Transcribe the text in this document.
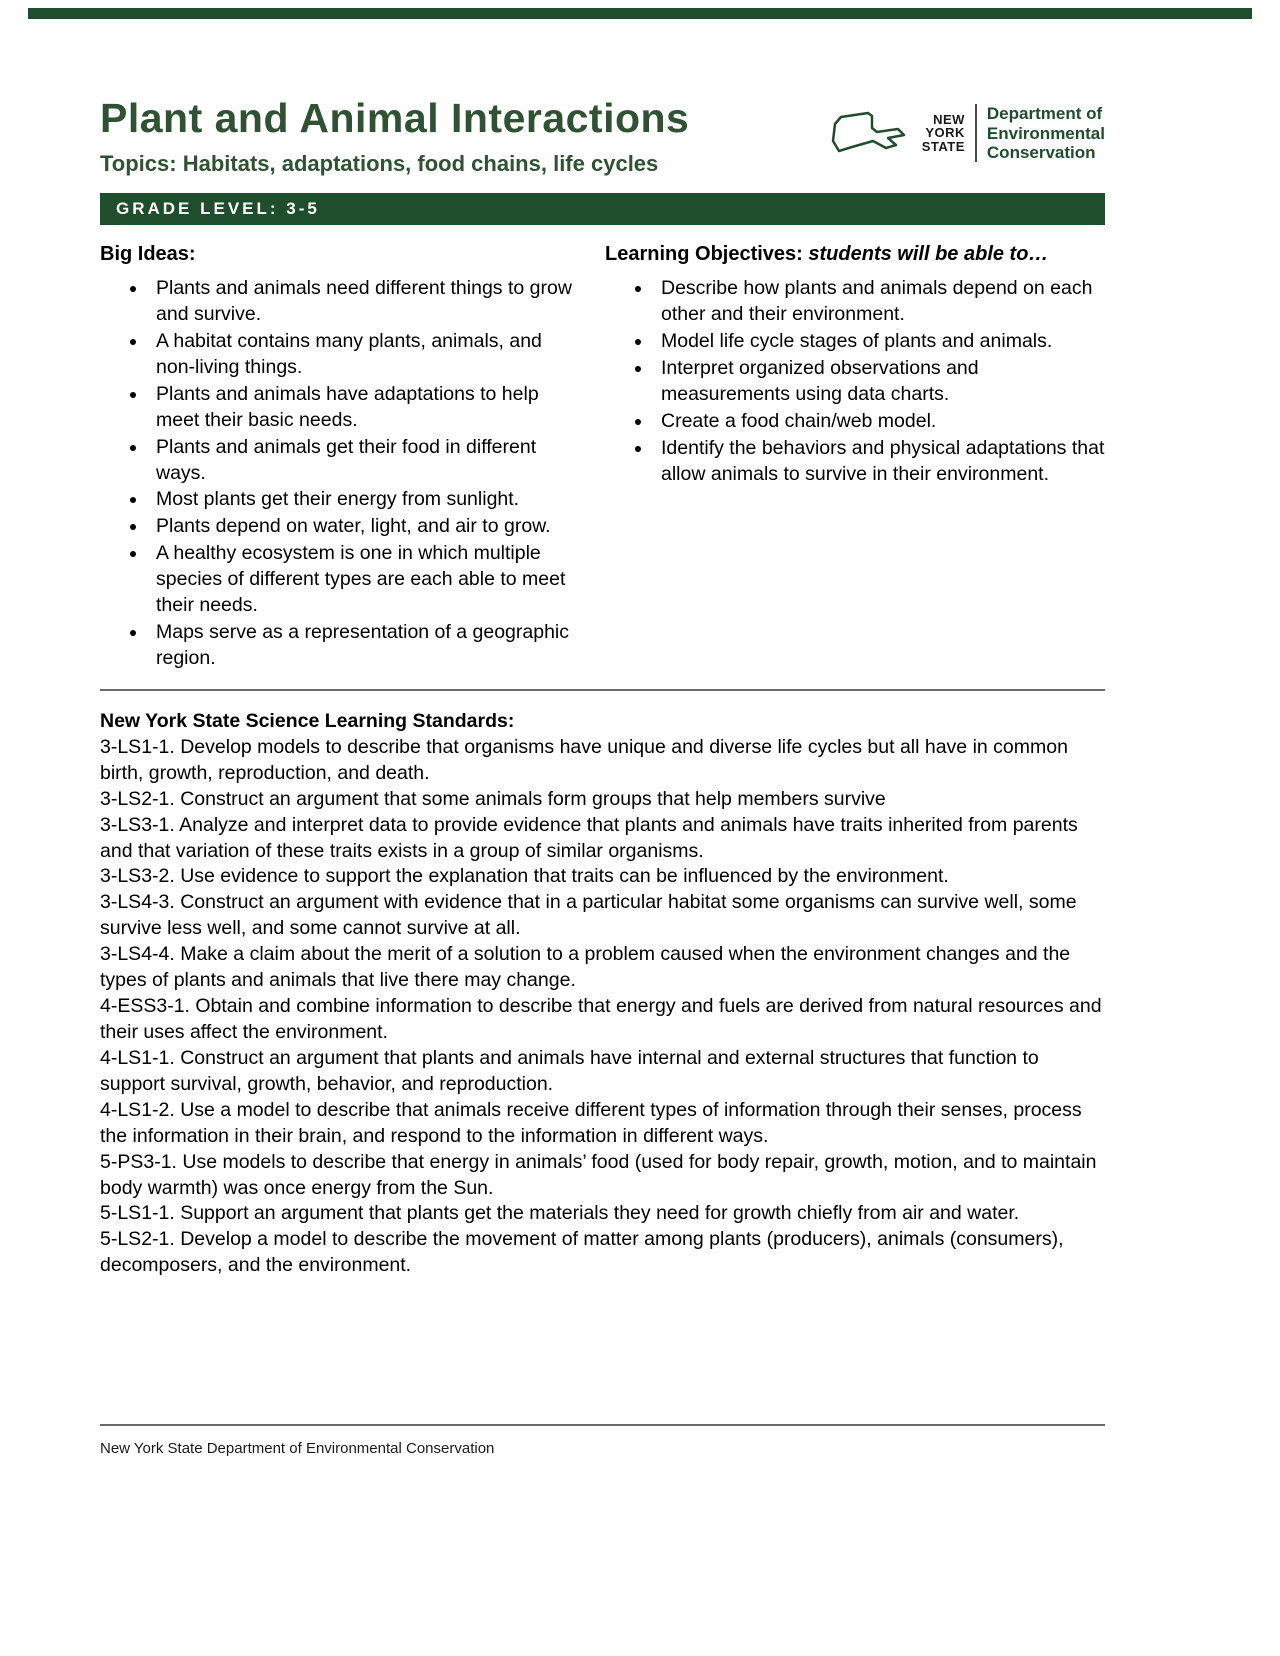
Plant and Animal Interactions
Topics: Habitats, adaptations, food chains, life cycles
NEW
YORK
STATE
Department of
Environmental
Conservation
GRADE LEVEL: 3-5
Big Ideas:
• Plants and animals need different things to grow and survive.
• A habitat contains many plants, animals, and non-living things.
• Plants and animals have adaptations to help meet their basic needs.
• Plants and animals get their food in different ways.
• Most plants get their energy from sunlight.
• Plants depend on water, light, and air to grow.
• A healthy ecosystem is one in which multiple species of different types are each able to meet their needs.
• Maps serve as a representation of a geographic region.
Learning Objectives: students will be able to…
• Describe how plants and animals depend on each other and their environment.
• Model life cycle stages of plants and animals.
• Interpret organized observations and measurements using data charts.
• Create a food chain/web model.
• Identify the behaviors and physical adaptations that allow animals to survive in their environment.

New York State Science Learning Standards:

3-LS1-1. Develop models to describe that organisms have unique and diverse life cycles but all have in common birth, growth, reproduction, and death.

3-LS2-1. Construct an argument that some animals form groups that help members survive

3-LS3-1. Analyze and interpret data to provide evidence that plants and animals have traits inherited from parents and that variation of these traits exists in a group of similar organisms.

3-LS3-2. Use evidence to support the explanation that traits can be influenced by the environment.

3-LS4-3. Construct an argument with evidence that in a particular habitat some organisms can survive well, some survive less well, and some cannot survive at all.

3-LS4-4. Make a claim about the merit of a solution to a problem caused when the environment changes and the types of plants and animals that live there may change.

4-ESS3-1. Obtain and combine information to describe that energy and fuels are derived from natural resources and their uses affect the environment.

4-LS1-1. Construct an argument that plants and animals have internal and external structures that function to support survival, growth, behavior, and reproduction.

4-LS1-2. Use a model to describe that animals receive different types of information through their senses, process the information in their brain, and respond to the information in different ways.

5-PS3-1. Use models to describe that energy in animals’ food (used for body repair, growth, motion, and to maintain body warmth) was once energy from the Sun.

5-LS1-1. Support an argument that plants get the materials they need for growth chiefly from air and water.

5-LS2-1. Develop a model to describe the movement of matter among plants (producers), animals (consumers), decomposers, and the environment.

New York State Department of Environmental Conservation
